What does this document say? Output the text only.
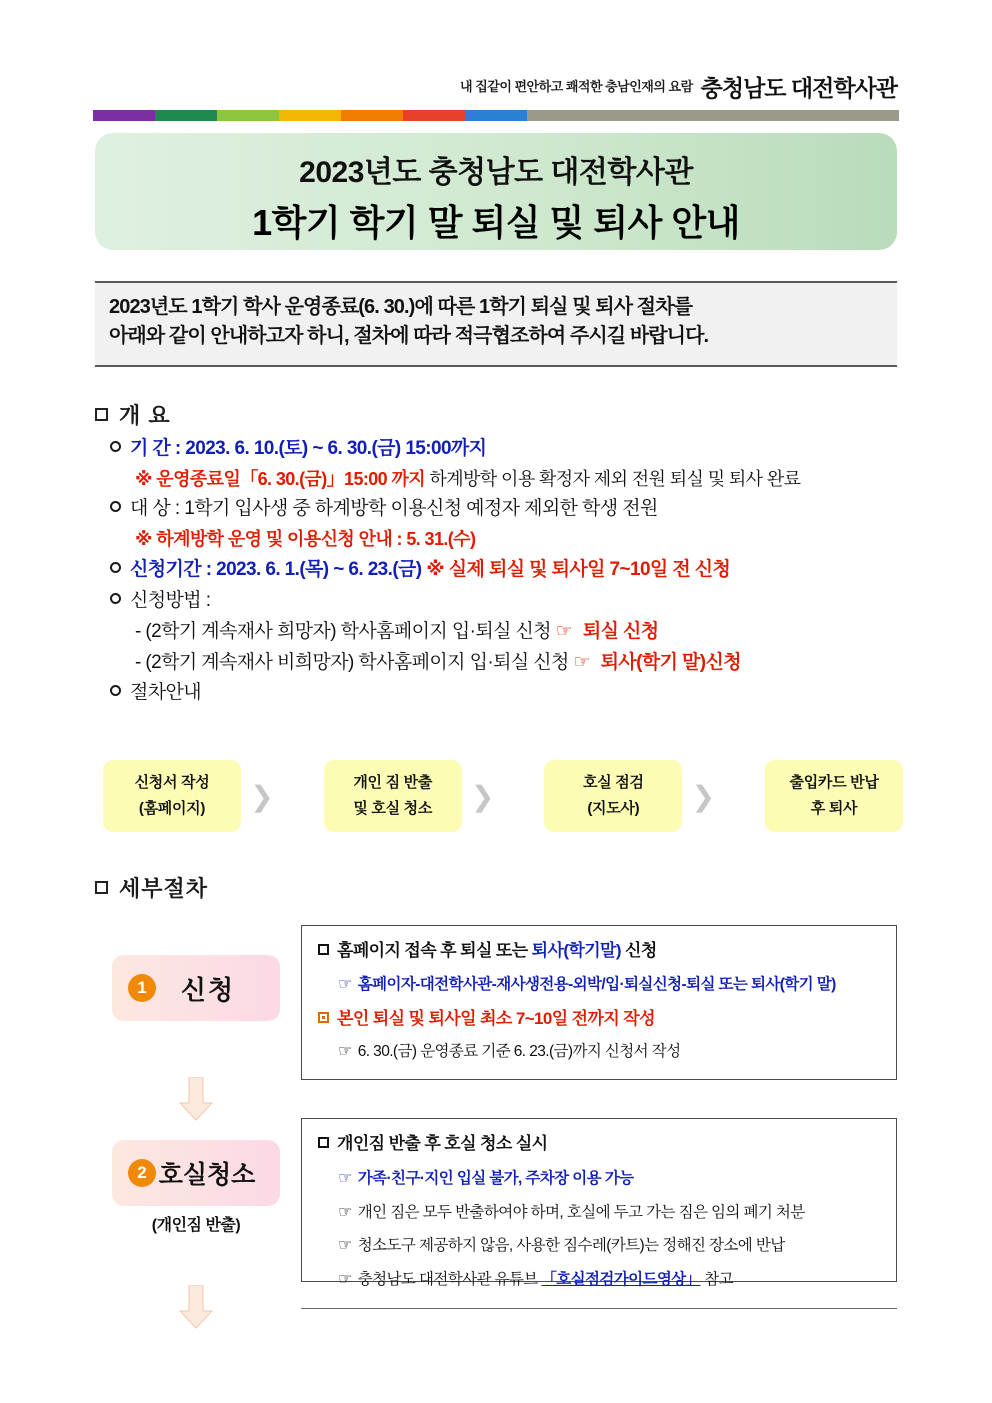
내 집같이 편안하고 쾌적한 충남인재의 요람 충청남도 대전학사관
2023년도 충청남도 대전학사관
1학기 학기 말 퇴실 및 퇴사 안내
2023년도 1학기 학사 운영종료(6. 30.)에 따른 1학기 퇴실 및 퇴사 절차를
아래와 같이 안내하고자 하니, 절차에 따라 적극협조하여 주시길 바랍니다.
개 요
기 간 : 2023. 6. 10.(토) ~ 6. 30.(금) 15:00까지
※ 운영종료일「6. 30.(금)」15:00 까지 하계방학 이용 확정자 제외 전원 퇴실 및 퇴사 완료
대 상 : 1학기 입사생 중 하계방학 이용신청 예정자 제외한 학생 전원
※ 하계방학 운영 및 이용신청 안내 : 5. 31.(수)
신청기간 : 2023. 6. 1.(목) ~ 6. 23.(금) ※ 실제 퇴실 및 퇴사일 7~10일 전 신청
신청방법 :
- (2학기 계속재사 희망자) 학사홈페이지 입·퇴실 신청 ☞ 퇴실 신청
- (2학기 계속재사 비희망자) 학사홈페이지 입·퇴실 신청 ☞ 퇴사(학기 말)신청
절차안내
신청서 작성
(홈페이지)	❯	개인 짐 반출
및 호실 청소	❯	호실 점검
(지도사)	❯	출입카드 반납
후 퇴사
세부절차
1	신청
홈페이지 접속 후 퇴실 또는 퇴사(학기말) 신청
☞ 홈페이자-대전학사관-재사생전용-외박/입·퇴실신청-퇴실 또는 퇴사(학기 말)
본인 퇴실 및 퇴사일 최소 7~10일 전까지 작성
☞ 6. 30.(금) 운영종료 기준 6. 23.(금)까지 신청서 작성
2 호실청소
(개인짐 반출)
개인짐 반출 후 호실 청소 실시
☞ 가족·친구·지인 입실 불가, 주차장 이용 가능
☞ 개인 짐은 모두 반출하여야 하며, 호실에 두고 가는 짐은 임의 폐기 처분
☞ 청소도구 제공하지 않음, 사용한 짐수레(카트)는 정해진 장소에 반납
☞ 충청남도 대전학사관 유튜브 「호실점검가이드영상」 참고
